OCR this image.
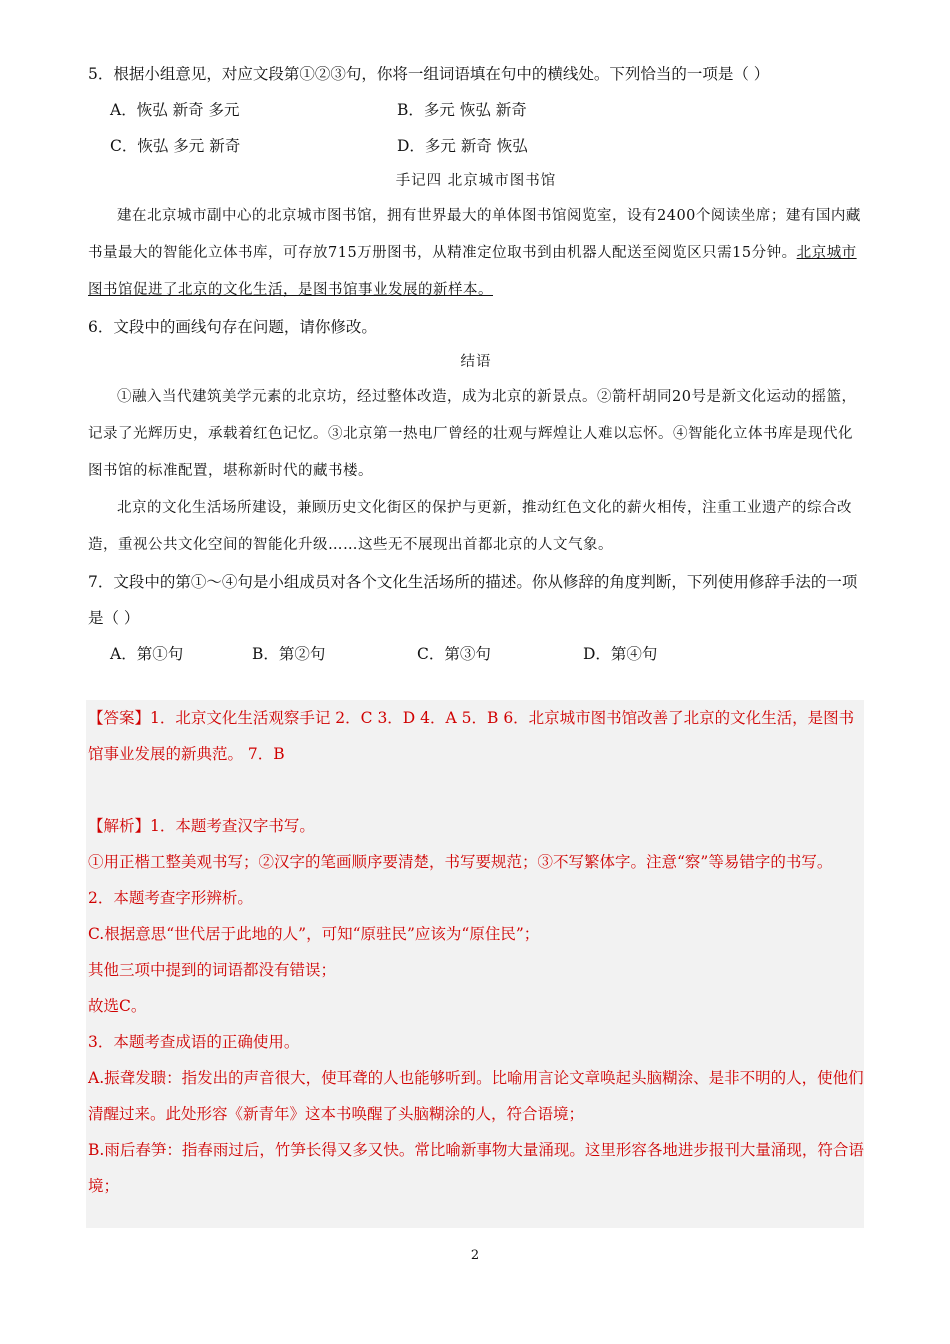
5．根据小组意见，对应文段第①②③句，你将一组词语填在句中的横线处。下列恰当的一项是（ ）

A．恢弘 新奇 多元	B．多元 恢弘 新奇
C．恢弘 多元 新奇	D．多元 新奇 恢弘

手记四 北京城市图书馆

建在北京城市副中心的北京城市图书馆，拥有世界最大的单体图书馆阅览室，设有2400个阅读坐席；建有国内藏书量最大的智能化立体书库，可存放715万册图书，从精准定位取书到由机器人配送至阅览区只需15分钟。北京城市图书馆促进了北京的文化生活，是图书馆事业发展的新样本。

6．文段中的画线句存在问题，请你修改。

结语

①融入当代建筑美学元素的北京坊，经过整体改造，成为北京的新景点。②箭杆胡同20号是新文化运动的摇篮，记录了光辉历史，承载着红色记忆。③北京第一热电厂曾经的壮观与辉煌让人难以忘怀。④智能化立体书库是现代化图书馆的标准配置，堪称新时代的藏书楼。

北京的文化生活场所建设，兼顾历史文化街区的保护与更新，推动红色文化的薪火相传，注重工业遗产的综合改造，重视公共文化空间的智能化升级……这些无不展现出首都北京的人文气象。

7．文段中的第①～④句是小组成员对各个文化生活场所的描述。你从修辞的角度判断，下列使用修辞手法的一项是（ ）

A．第①句	B．第②句	C．第③句	D．第④句

【答案】1．北京文化生活观察手记 2．C 3．D 4．A 5．B 6．北京城市图书馆改善了北京的文化生活，是图书馆事业发展的新典范。 7．B

【解析】1．本题考查汉字书写。

①用正楷工整美观书写；②汉字的笔画顺序要清楚，书写要规范；③不写繁体字。注意“察”等易错字的书写。

2．本题考查字形辨析。

C.根据意思“世代居于此地的人”，可知“原驻民”应该为“原住民”；

其他三项中提到的词语都没有错误；

故选C。

3．本题考查成语的正确使用。

A.振聋发聩：指发出的声音很大，使耳聋的人也能够听到。比喻用言论文章唤起头脑糊涂、是非不明的人，使他们清醒过来。此处形容《新青年》这本书唤醒了头脑糊涂的人，符合语境；

B.雨后春笋：指春雨过后，竹笋长得又多又快。常比喻新事物大量涌现。这里形容各地进步报刊大量涌现，符合语境；

2
